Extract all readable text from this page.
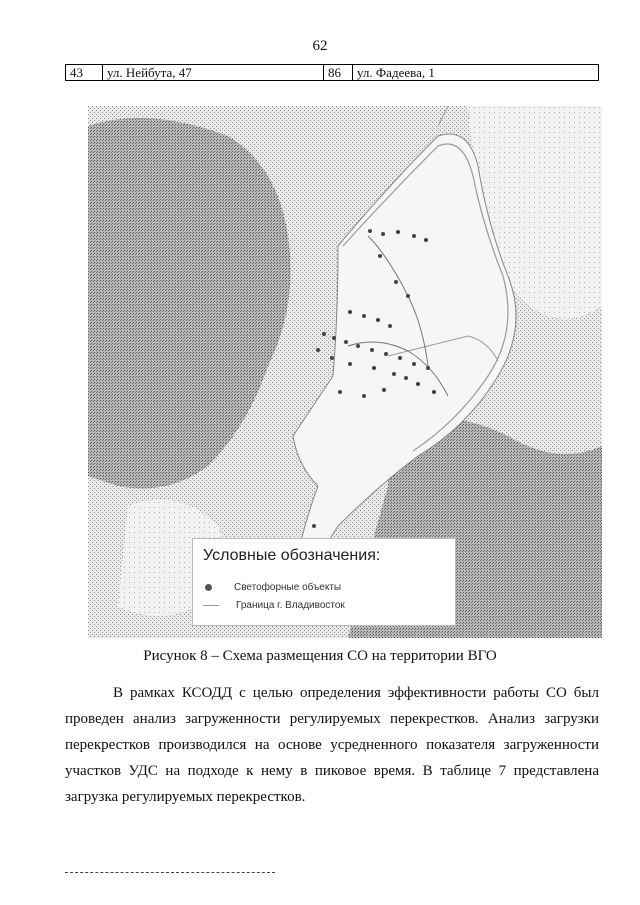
62
43	ул. Нейбута, 47	86	ул. Фадеева, 1
Условные обозначения:
Светофорные объекты
Граница г. Владивосток
Рисунок 8 – Схема размещения СО на территории ВГО

В рамках КСОДД с целью определения эффективности работы СО был проведен анализ загруженности регулируемых перекрестков. Анализ загрузки перекрестков производился на основе усредненного показателя загруженности участков УДС на подходе к нему в пиковое время. В таблице 7 представлена загрузка регулируемых перекрестков.
